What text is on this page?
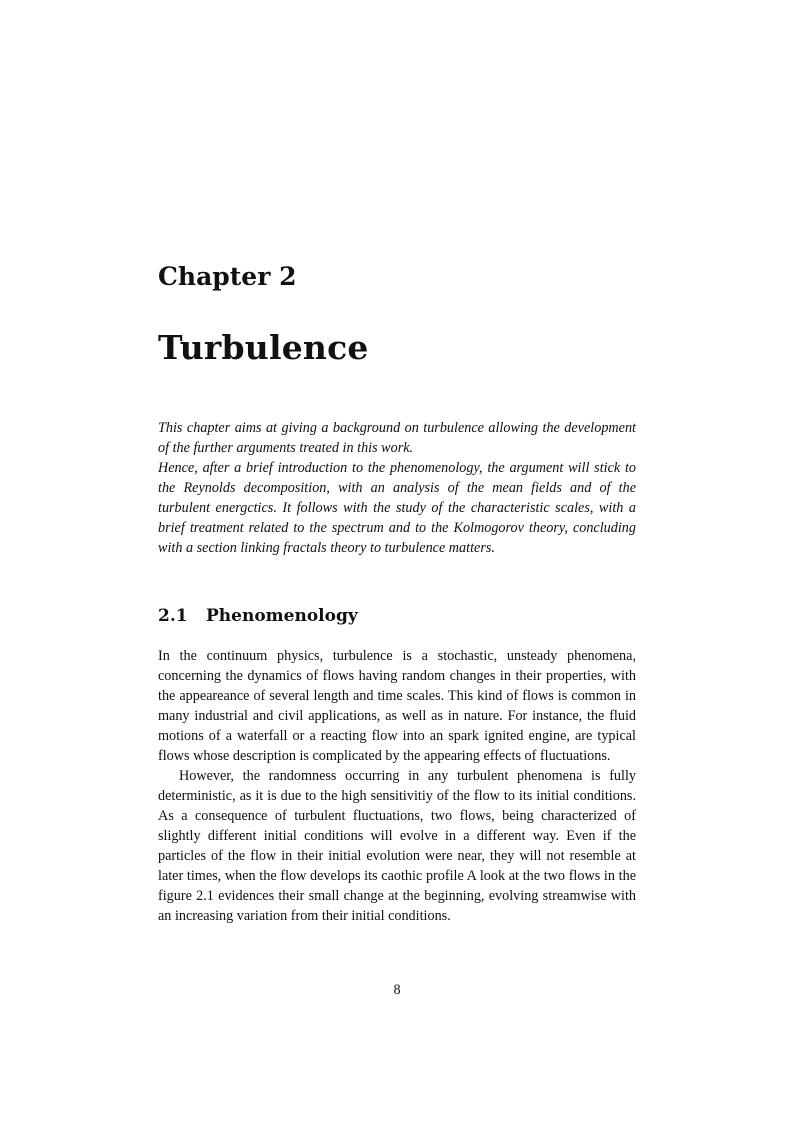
Chapter 2
Turbulence

This chapter aims at giving a background on turbulence allowing the development of the further arguments treated in this work.

Hence, after a brief introduction to the phenomenology, the argument will stick to the Reynolds decomposition, with an analysis of the mean fields and of the turbulent energctics. It follows with the study of the characteristic scales, with a brief treatment related to the spectrum and to the Kolmogorov theory, concluding with a section linking fractals theory to turbulence matters.

2.1 Phenomenology

In the continuum physics, turbulence is a stochastic, unsteady phenomena, concerning the dynamics of flows having random changes in their properties, with the appeareance of several length and time scales. This kind of flows is common in many industrial and civil applications, as well as in nature. For instance, the fluid motions of a waterfall or a reacting flow into an spark ignited engine, are typical flows whose description is complicated by the appearing effects of fluctuations.

However, the randomness occurring in any turbulent phenomena is fully deterministic, as it is due to the high sensitivitiy of the flow to its initial conditions. As a consequence of turbulent fluctuations, two flows, being characterized of slightly different initial conditions will evolve in a different way. Even if the particles of the flow in their initial evolution were near, they will not resemble at later times, when the flow develops its caothic profile A look at the two flows in the figure 2.1 evidences their small change at the beginning, evolving streamwise with an increasing variation from their initial conditions.

8
